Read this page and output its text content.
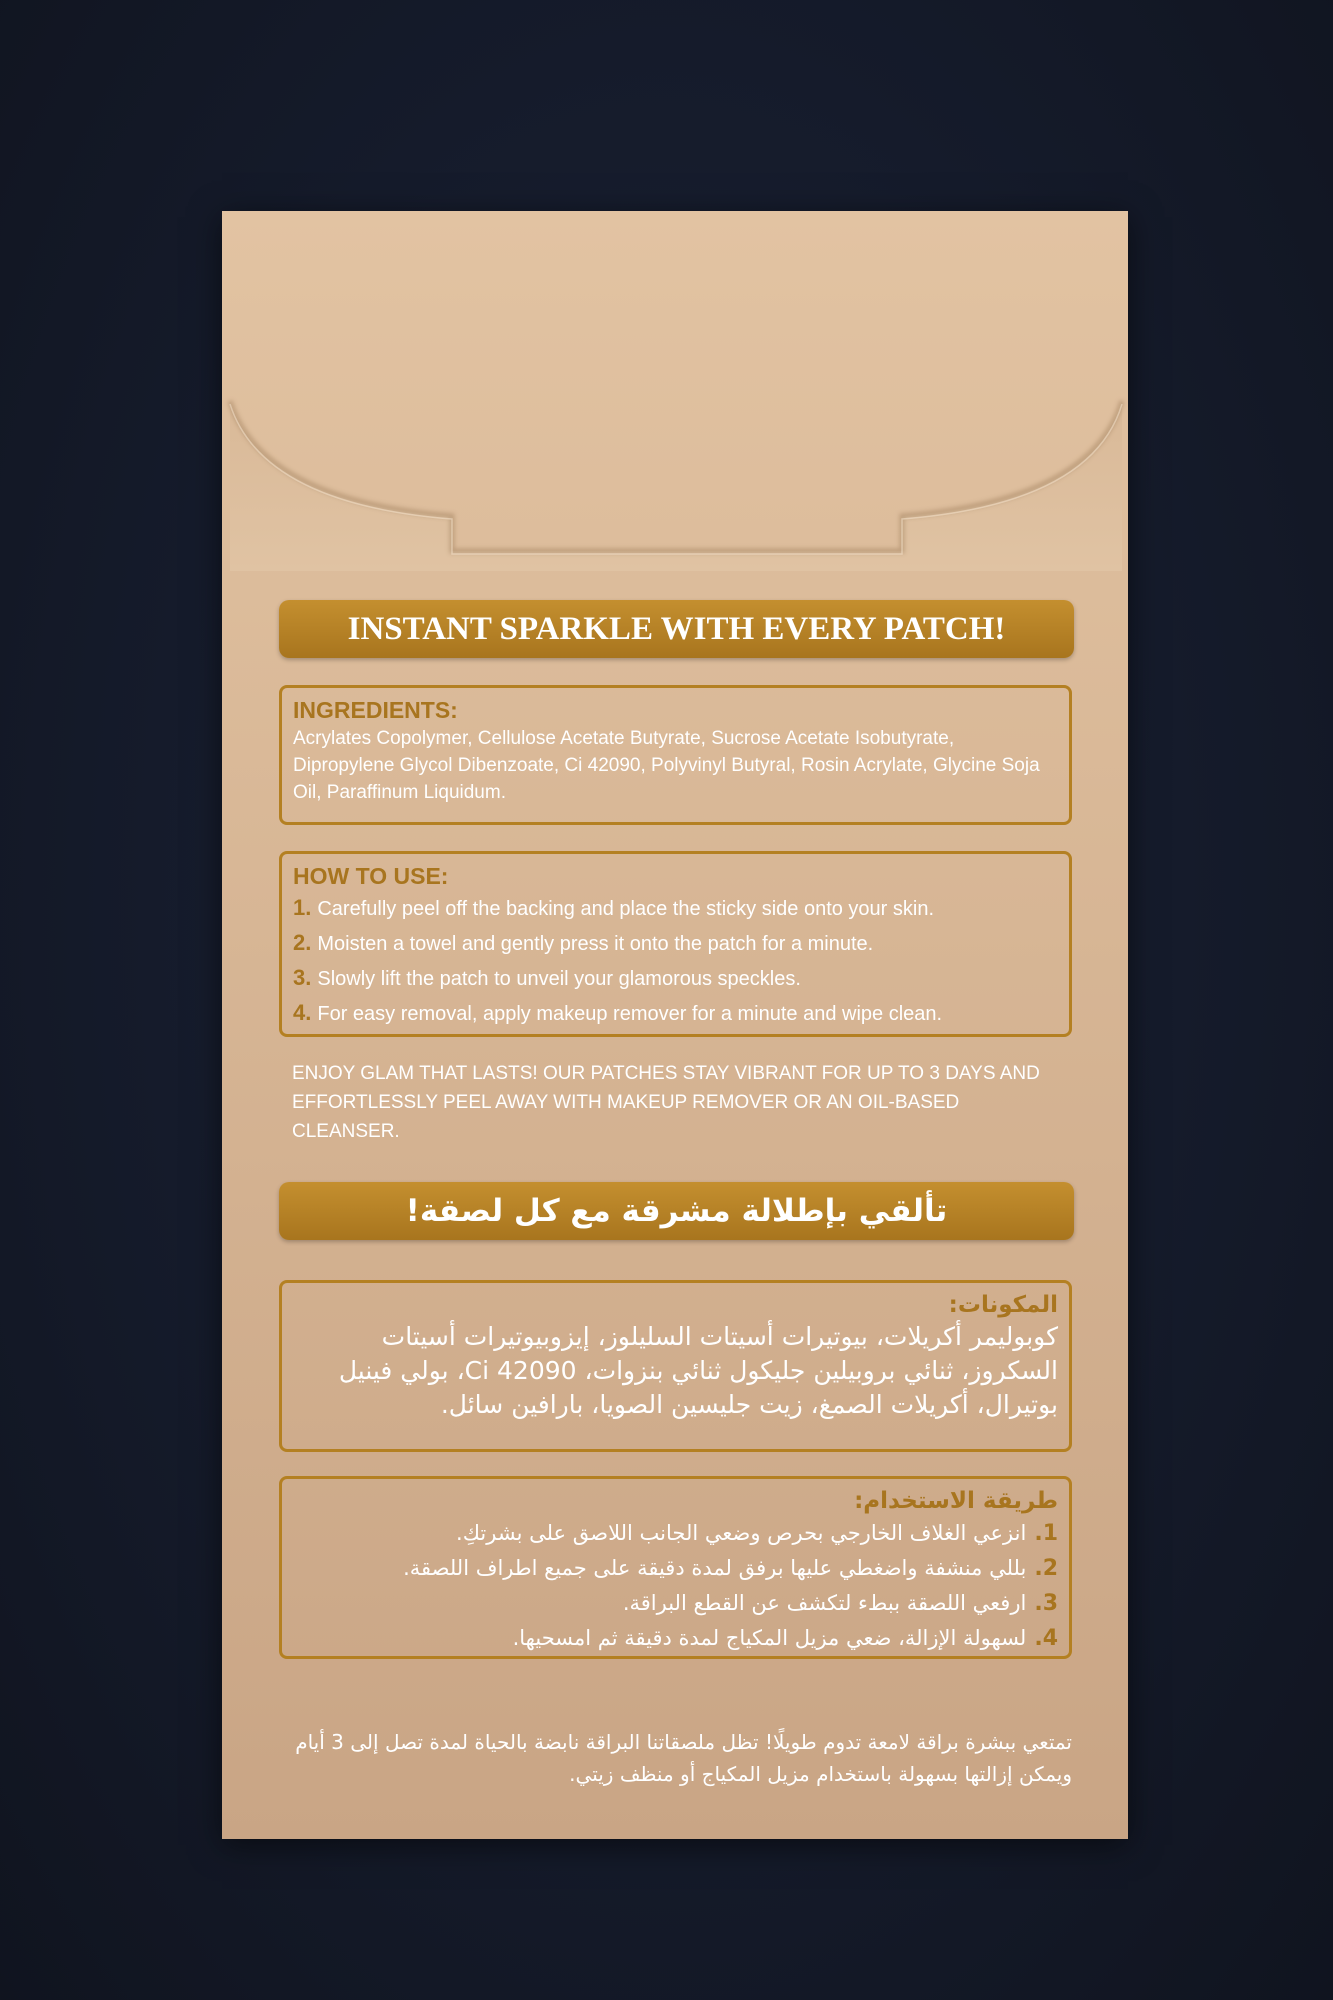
INSTANT SPARKLE WITH EVERY PATCH!
INGREDIENTS:
Acrylates Copolymer, Cellulose Acetate Butyrate, Sucrose Acetate Isobutyrate, Dipropylene Glycol Dibenzoate, Ci 42090, Polyvinyl Butyral, Rosin Acrylate, Glycine Soja Oil, Paraffinum Liquidum.
HOW TO USE:
1. Carefully peel off the backing and place the sticky side onto your skin.
2. Moisten a towel and gently press it onto the patch for a minute.
3. Slowly lift the patch to unveil your glamorous speckles.
4. For easy removal, apply makeup remover for a minute and wipe clean.
ENJOY GLAM THAT LASTS! OUR PATCHES STAY VIBRANT FOR UP TO 3 DAYS AND EFFORTLESSLY PEEL AWAY WITH MAKEUP REMOVER OR AN OIL-BASED CLEANSER.
!تألقي بإطلالة مشرقة مع كل لصقة
المكونات:
كوبوليمر أكريلات، بيوتيرات أسيتات السليلوز، إيزوبيوتيرات أسيتات السكروز، ثنائي بروبيلين جليكول ثنائي بنزوات، Ci 42090، بولي فينيل بوتيرال، أكريلات الصمغ، زيت جليسين الصويا، بارافين سائل.
طريقة الاستخدام:
1.انزعي الغلاف الخارجي بحرص وضعي الجانب اللاصق على بشرتكِ.
2.بللي منشفة واضغطي عليها برفق لمدة دقيقة على جميع اطراف اللصقة.
3.ارفعي اللصقة ببطء لتكشف عن القطع البراقة.
4.لسهولة الإزالة، ضعي مزيل المكياج لمدة دقيقة ثم امسحيها.
تمتعي ببشرة براقة لامعة تدوم طويلًا! تظل ملصقاتنا البراقة نابضة بالحياة لمدة تصل إلى 3 أيام ويمكن إزالتها بسهولة باستخدام مزيل المكياج أو منظف زيتي.
